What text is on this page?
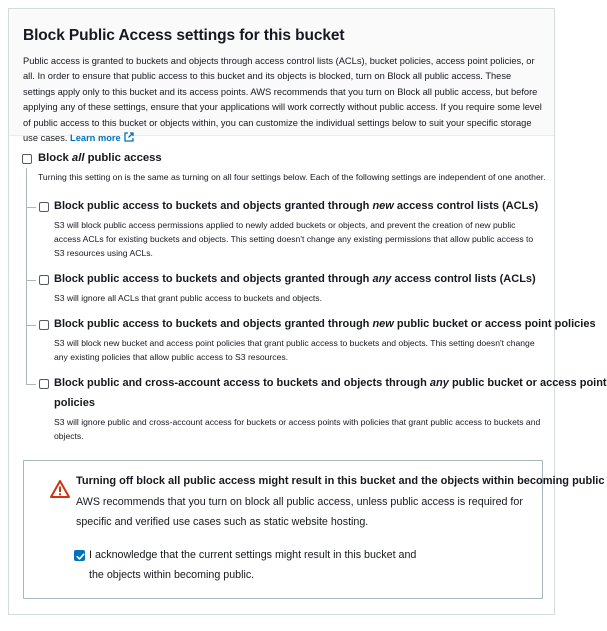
Block Public Access settings for this bucket
Public access is granted to buckets and objects through access control lists (ACLs), bucket policies, access point policies, or all. In order to ensure that public access to this bucket and its objects is blocked, turn on Block all public access. These settings apply only to this bucket and its access points. AWS recommends that you turn on Block all public access, but before applying any of these settings, ensure that your applications will work correctly without public access. If you require some level of public access to this bucket or objects within, you can customize the individual settings below to suit your specific storage use cases. Learn more
Block all public access
Turning this setting on is the same as turning on all four settings below. Each of the following settings are independent of one another.
Block public access to buckets and objects granted through new access control lists (ACLs)
S3 will block public access permissions applied to newly added buckets or objects, and prevent the creation of new public access ACLs for existing buckets and objects. This setting doesn't change any existing permissions that allow public access to S3 resources using ACLs.
Block public access to buckets and objects granted through any access control lists (ACLs)
S3 will ignore all ACLs that grant public access to buckets and objects.
Block public access to buckets and objects granted through new public bucket or access point policies
S3 will block new bucket and access point policies that grant public access to buckets and objects. This setting doesn't change any existing policies that allow public access to S3 resources.
Block public and cross-account access to buckets and objects through any public bucket or access point
policies
S3 will ignore public and cross-account access for buckets or access points with policies that grant public access to buckets and objects.
Turning off block all public access might result in this bucket and the objects within becoming public
AWS recommends that you turn on block all public access, unless public access is required for specific and verified use cases such as static website hosting.
I acknowledge that the current settings might result in this bucket and the objects within becoming public.
